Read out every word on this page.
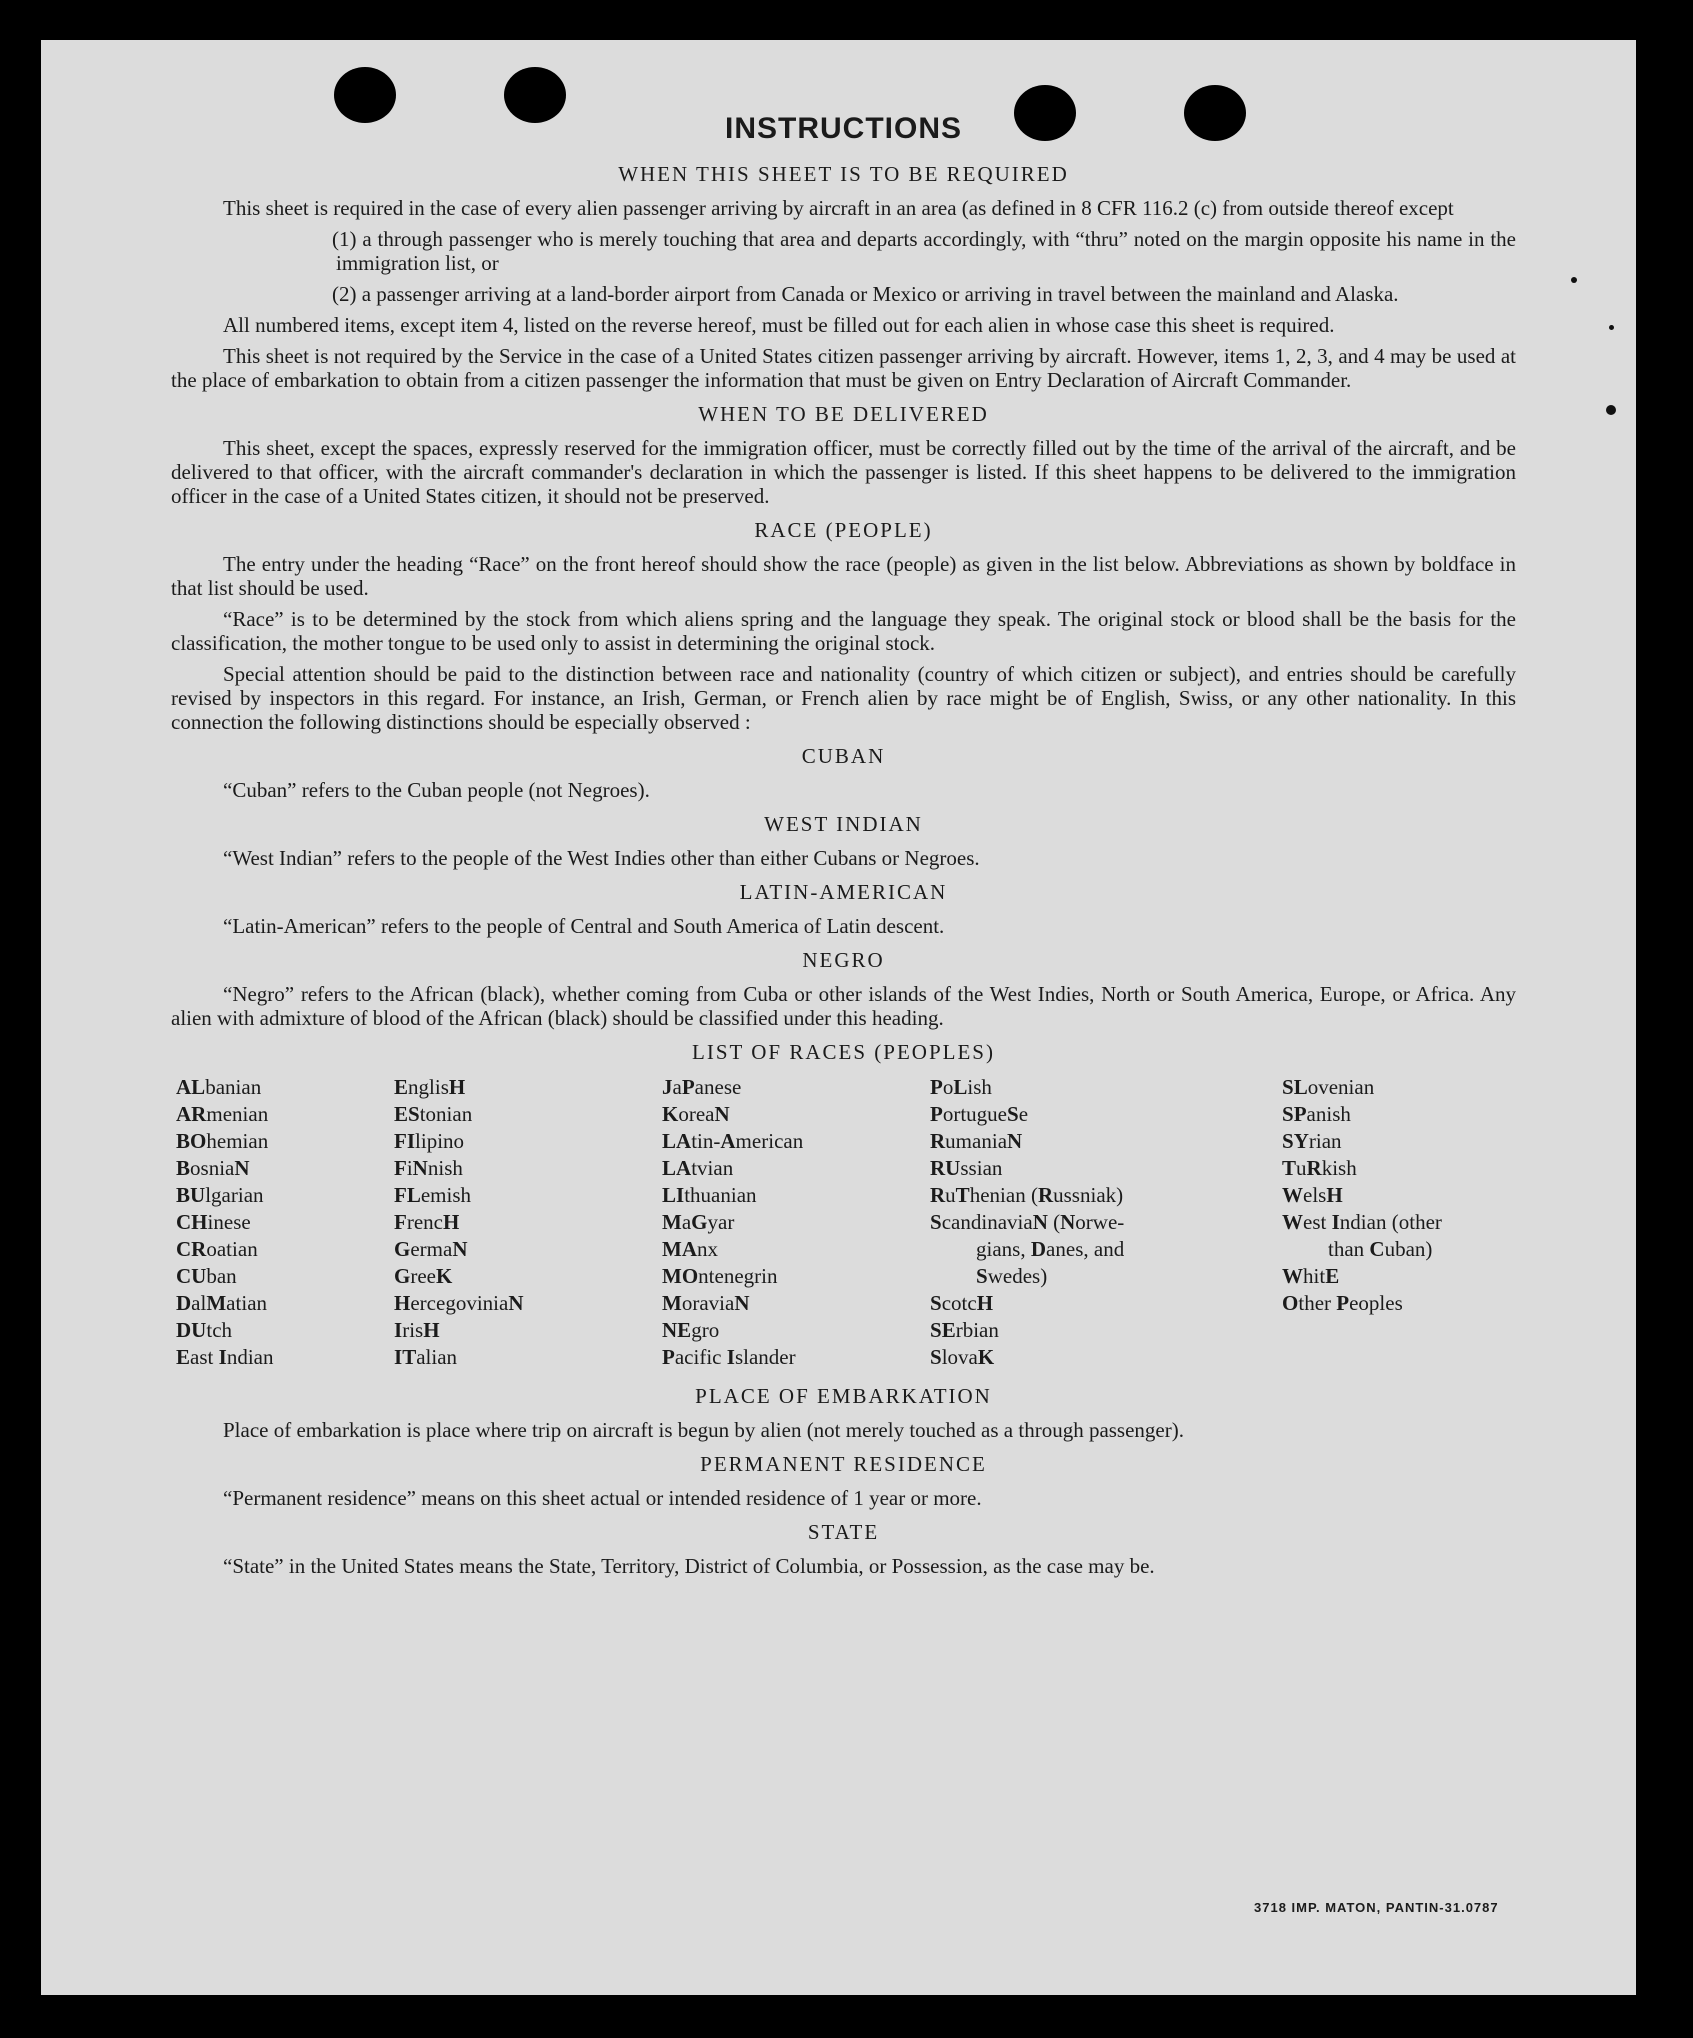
INSTRUCTIONS
WHEN THIS SHEET IS TO BE REQUIRED

This sheet is required in the case of every alien passenger arriving by aircraft in an area (as defined in 8 CFR 116.2 (c) from outside thereof except

(1) a through passenger who is merely touching that area and departs accordingly, with “thru” noted on the margin opposite his name in the immigration list, or

(2) a passenger arriving at a land-border airport from Canada or Mexico or arriving in travel between the mainland and Alaska.

All numbered items, except item 4, listed on the reverse hereof, must be filled out for each alien in whose case this sheet is required.

This sheet is not required by the Service in the case of a United States citizen passenger arriving by aircraft. However, items 1, 2, 3, and 4 may be used at the place of embarkation to obtain from a citizen passenger the information that must be given on Entry Declaration of Aircraft Commander.

WHEN TO BE DELIVERED

This sheet, except the spaces, expressly reserved for the immigration officer, must be correctly filled out by the time of the arrival of the aircraft, and be delivered to that officer, with the aircraft commander's declaration in which the passenger is listed. If this sheet happens to be delivered to the immigration officer in the case of a United States citizen, it should not be preserved.

RACE (PEOPLE)

The entry under the heading “Race” on the front hereof should show the race (people) as given in the list below. Abbreviations as shown by boldface in that list should be used.

“Race” is to be determined by the stock from which aliens spring and the language they speak. The original stock or blood shall be the basis for the classification, the mother tongue to be used only to assist in determining the original stock.

Special attention should be paid to the distinction between race and nationality (country of which citizen or subject), and entries should be carefully revised by inspectors in this regard. For instance, an Irish, German, or French alien by race might be of English, Swiss, or any other nationality. In this connection the following distinctions should be especially observed :

CUBAN

“Cuban” refers to the Cuban people (not Negroes).

WEST INDIAN

“West Indian” refers to the people of the West Indies other than either Cubans or Negroes.

LATIN-AMERICAN

“Latin-American” refers to the people of Central and South America of Latin descent.

NEGRO

“Negro” refers to the African (black), whether coming from Cuba or other islands of the West Indies, North or South America, Europe, or Africa. Any alien with admixture of blood of the African (black) should be classified under this heading.

LIST OF RACES (PEOPLES)
ALbanian
ARmenian
BOhemian
BosniaN
BUlgarian
CHinese
CRoatian
CUban
DalMatian
DUtch
East Indian
EnglisH
EStonian
FIlipino
FiNnish
FLemish
FrencH
GermaN
GreeK
HercegoviniaN
IrisH
ITalian
JaPanese
KoreaN
LAtin-American
LAtvian
LIthuanian
MaGyar
MAnx
MOntenegrin
MoraviaN
NEgro
Pacific Islander
PoLish
PortugueSe
RumaniaN
RUssian
RuThenian (Russniak)
ScandinaviaN (Norwe-
gians, Danes, and
Swedes)
ScotcH
SErbian
SlovaK
SLovenian
SPanish
SYrian
TuRkish
WelsH
West Indian (other
than Cuban)
WhitE
Other Peoples
PLACE OF EMBARKATION

Place of embarkation is place where trip on aircraft is begun by alien (not merely touched as a through passenger).

PERMANENT RESIDENCE

“Permanent residence” means on this sheet actual or intended residence of 1 year or more.

STATE

“State” in the United States means the State, Territory, District of Columbia, or Possession, as the case may be.

3718 IMP. MATON, PANTIN-31.0787
